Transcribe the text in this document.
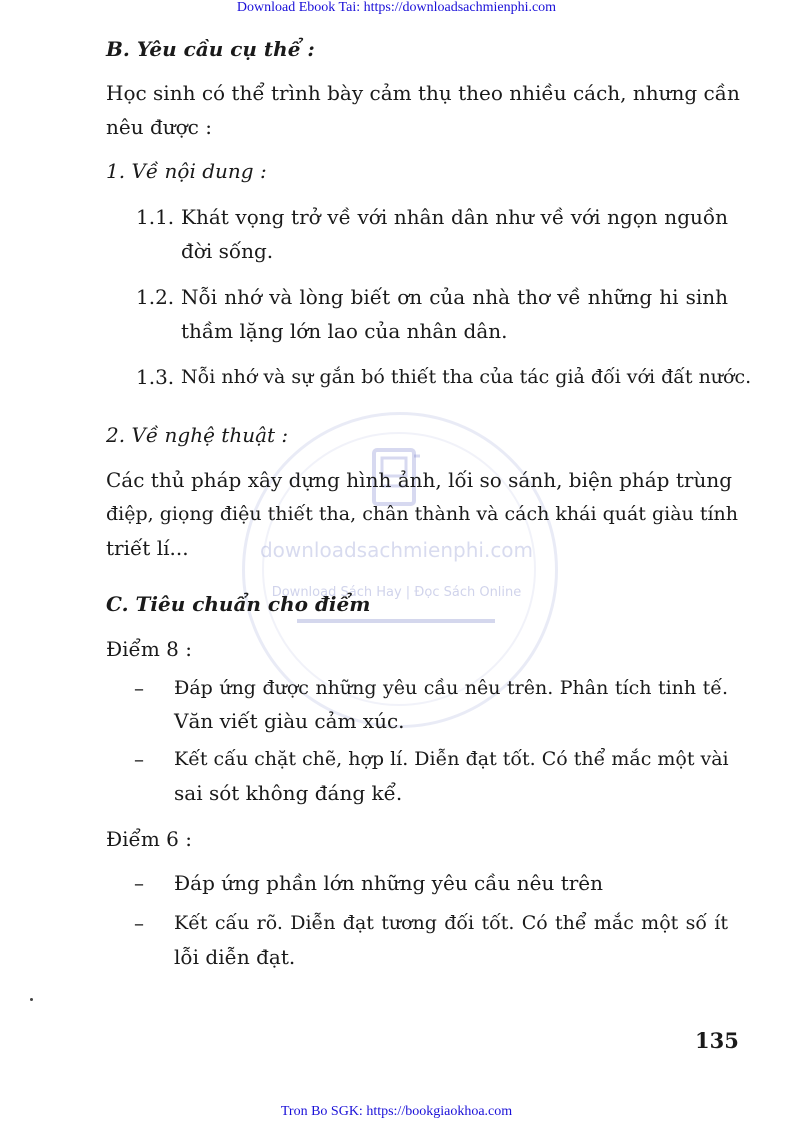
Download Ebook Tai: https://downloadsachmienphi.com
Tron Bo SGK: https://bookgiaokhoa.com
downloadsachmienphi.com
Download Sách Hay | Đọc Sách Online
B. Yêu cầu cụ thể :
Học sinh có thể trình bày cảm thụ theo nhiều cách, nhưng cần
nêu được :
1. Về nội dung :
1.1. Khát vọng trở về với nhân dân như về với ngọn nguồn
đời sống.
1.2. Nỗi nhớ và lòng biết ơn của nhà thơ về những hi sinh
thầm lặng lớn lao của nhân dân.
1.3. Nỗi nhớ và sự gắn bó thiết tha của tác giả đối với đất nước.
2. Về nghệ thuật :
Các thủ pháp xây dựng hình ảnh, lối so sánh, biện pháp trùng
điệp, giọng điệu thiết tha, chân thành và cách khái quát giàu tính
triết lí...
C. Tiêu chuẩn cho điểm
Điểm 8 :
– Đáp ứng được những yêu cầu nêu trên. Phân tích tinh tế.
Văn viết giàu cảm xúc.
– Kết cấu chặt chẽ, hợp lí. Diễn đạt tốt. Có thể mắc một vài
sai sót không đáng kể.
Điểm 6 :
– Đáp ứng phần lớn những yêu cầu nêu trên
– Kết cấu rõ. Diễn đạt tương đối tốt. Có thể mắc một số ít
lỗi diễn đạt.
135
